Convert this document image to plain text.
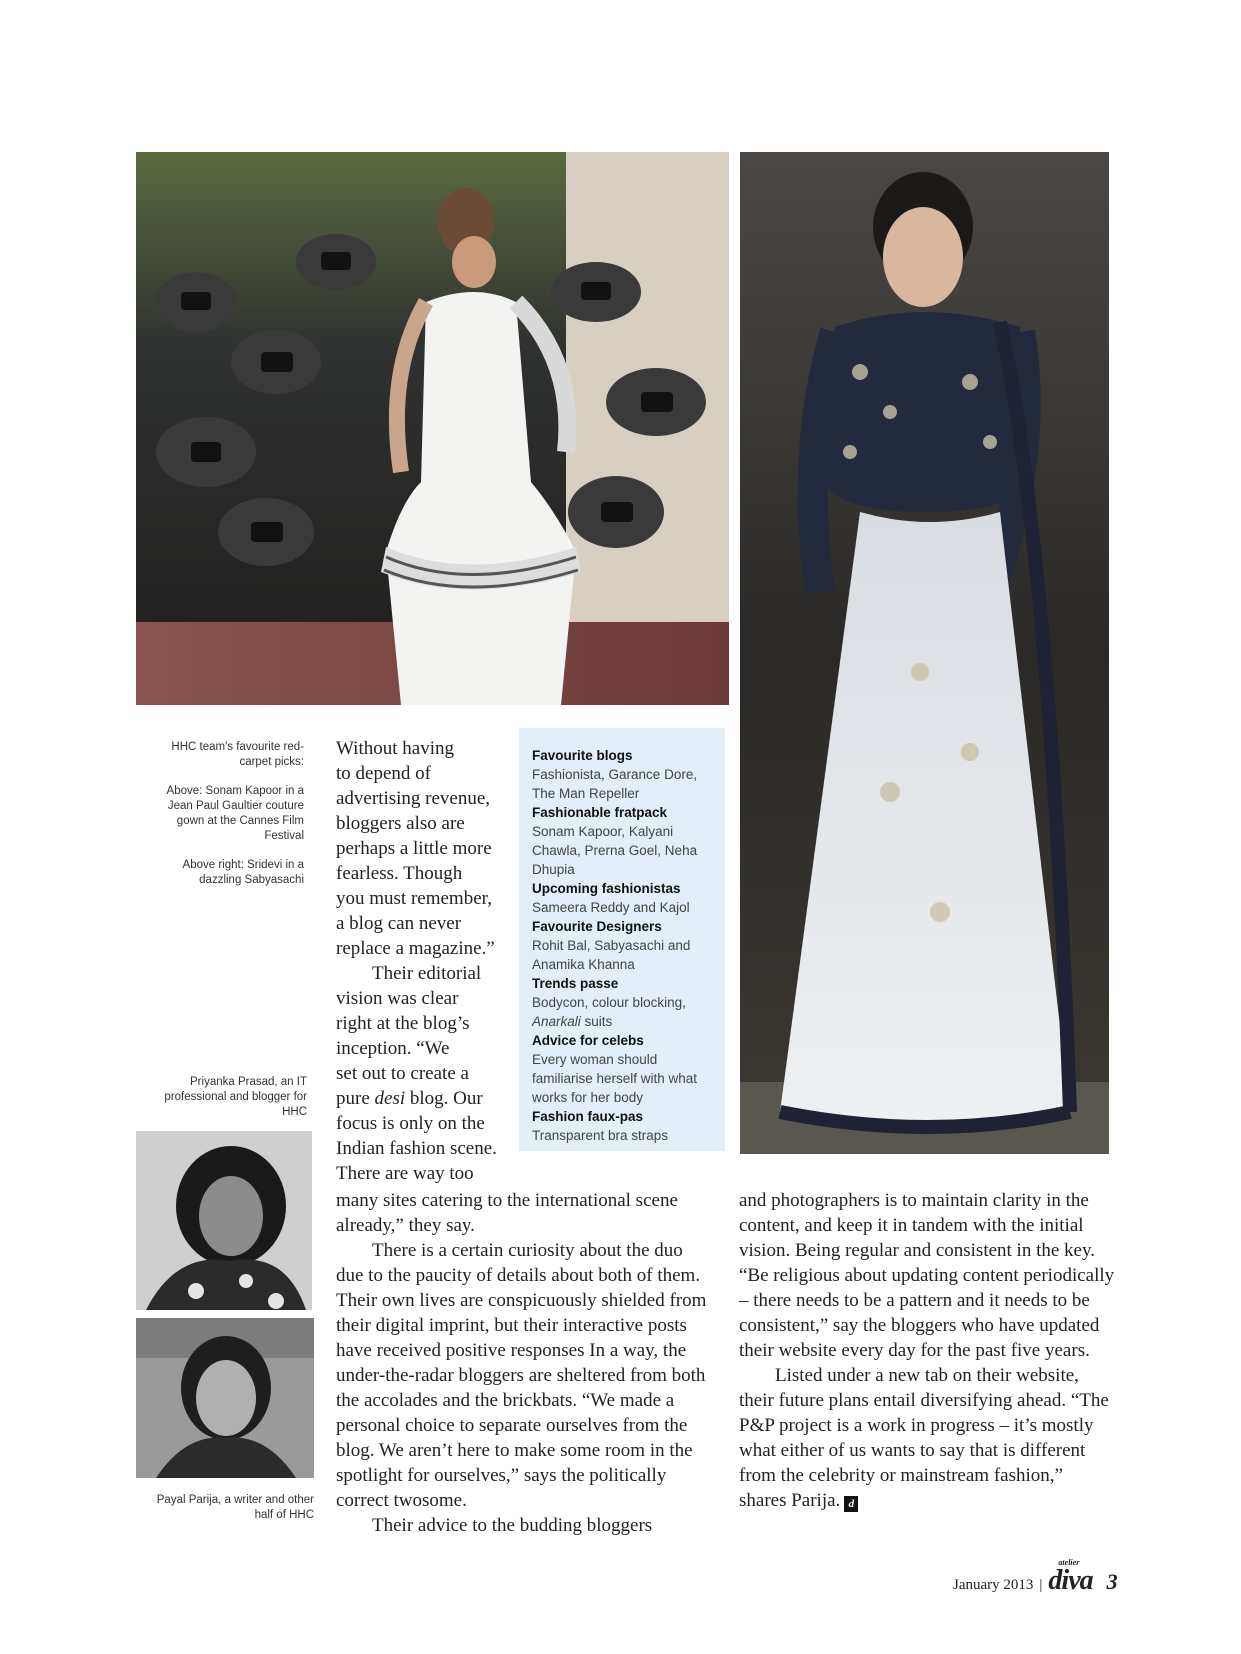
HHC team's favourite red-carpet picks:

Above: Sonam Kapoor in a Jean Paul Gaultier couture gown at the Cannes Film Festival

Above right: Sridevi in a dazzling Sabyasachi

Priyanka Prasad, an IT professional and blogger for HHC

Payal Parija, a writer and other half of HHC

Without having
to depend of
advertising revenue,
bloggers also are
perhaps a little more
fearless. Though
you must remember,
a blog can never
replace a magazine.”
Their editorial
vision was clear
right at the blog’s
inception. “We
set out to create a
pure desi blog. Our
focus is only on the
Indian fashion scene.
There are way too
Favourite blogs
Fashionista, Garance Dore, The Man Repeller
Fashionable fratpack
Sonam Kapoor, Kalyani Chawla, Prerna Goel, Neha Dhupia
Upcoming fashionistas
Sameera Reddy and Kajol
Favourite Designers
Rohit Bal, Sabyasachi and Anamika Khanna
Trends passe
Bodycon, colour blocking,
Anarkali suits
Advice for celebs
Every woman should familiarise herself with what works for her body
Fashion faux-pas
Transparent bra straps

many sites catering to the international scene already,” they say.

There is a certain curiosity about the duo due to the paucity of details about both of them. Their own lives are conspicuously shielded from their digital imprint, but their interactive posts have received positive responses In a way, the under-the-radar bloggers are sheltered from both the accolades and the brickbats. “We made a personal choice to separate ourselves from the blog. We aren’t here to make some room in the spotlight for ourselves,” says the politically correct twosome.

Their advice to the budding bloggers

and photographers is to maintain clarity in the content, and keep it in tandem with the initial vision. Being regular and consistent in the key. “Be religious about updating content periodically – there needs to be a pattern and it needs to be consistent,” say the bloggers who have updated their website every day for the past five years.

Listed under a new tab on their website, their future plans entail diversifying ahead. “The P&P project is a work in progress – it’s mostly what either of us wants to say that is different from the celebrity or mainstream fashion,” shares Parija. d

January 2013 |
atelier
diva 3
